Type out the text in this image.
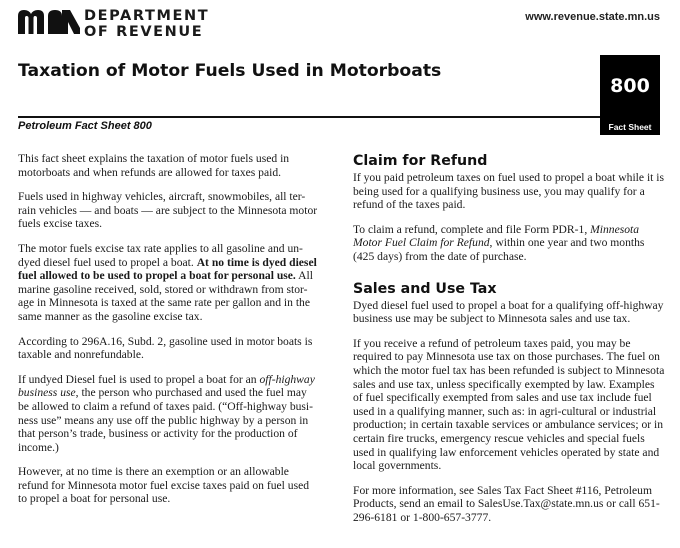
DEPARTMENT
OF REVENUE
www.revenue.state.mn.us
Taxation of Motor Fuels Used in Motorboats
Petroleum Fact Sheet 800
800
Fact Sheet

This fact sheet explains the taxation of motor fuels used in motorboats and when refunds are allowed for taxes paid.

Fuels used in highway vehicles, aircraft, snowmobiles, all ter-rain vehicles — and boats — are subject to the Minnesota motor fuels excise taxes.

The motor fuels excise tax rate applies to all gasoline and un-dyed diesel fuel used to propel a boat. At no time is dyed diesel fuel allowed to be used to propel a boat for personal use. All marine gasoline received, sold, stored or withdrawn from stor-age in Minnesota is taxed at the same rate per gallon and in the same manner as the gasoline excise tax.

According to 296A.16, Subd. 2, gasoline used in motor boats is taxable and nonrefundable.

If undyed Diesel fuel is used to propel a boat for an off-highway business use, the person who purchased and used the fuel may be allowed to claim a refund of taxes paid. (“Off-highway busi-ness use” means any use off the public highway by a person in that person’s trade, business or activity for the production of income.)

However, at no time is there an exemption or an allowable refund for Minnesota motor fuel excise taxes paid on fuel used to propel a boat for personal use.

Claim for Refund

If you paid petroleum taxes on fuel used to propel a boat while it is being used for a qualifying business use, you may qualify for a refund of the taxes paid.

To claim a refund, complete and file Form PDR-1, Minnesota Motor Fuel Claim for Refund, within one year and two months (425 days) from the date of purchase.

Sales and Use Tax

Dyed diesel fuel used to propel a boat for a qualifying off-highway business use may be subject to Minnesota sales and use tax.

If you receive a refund of petroleum taxes paid, you may be required to pay Minnesota use tax on those purchases. The fuel on which the motor fuel tax has been refunded is subject to Minnesota sales and use tax, unless specifically exempted by law. Examples of fuel specifically exempted from sales and use tax include fuel used in a qualifying manner, such as: in agri-cultural or industrial production; in certain taxable services or ambulance services; or in certain fire trucks, emergency rescue vehicles and special fuels used in qualifying law enforcement vehicles operated by state and local governments.

For more information, see Sales Tax Fact Sheet #116, Petroleum Products, send an email to SalesUse.Tax@state.mn.us or call 651-296-6181 or 1-800-657-3777.
